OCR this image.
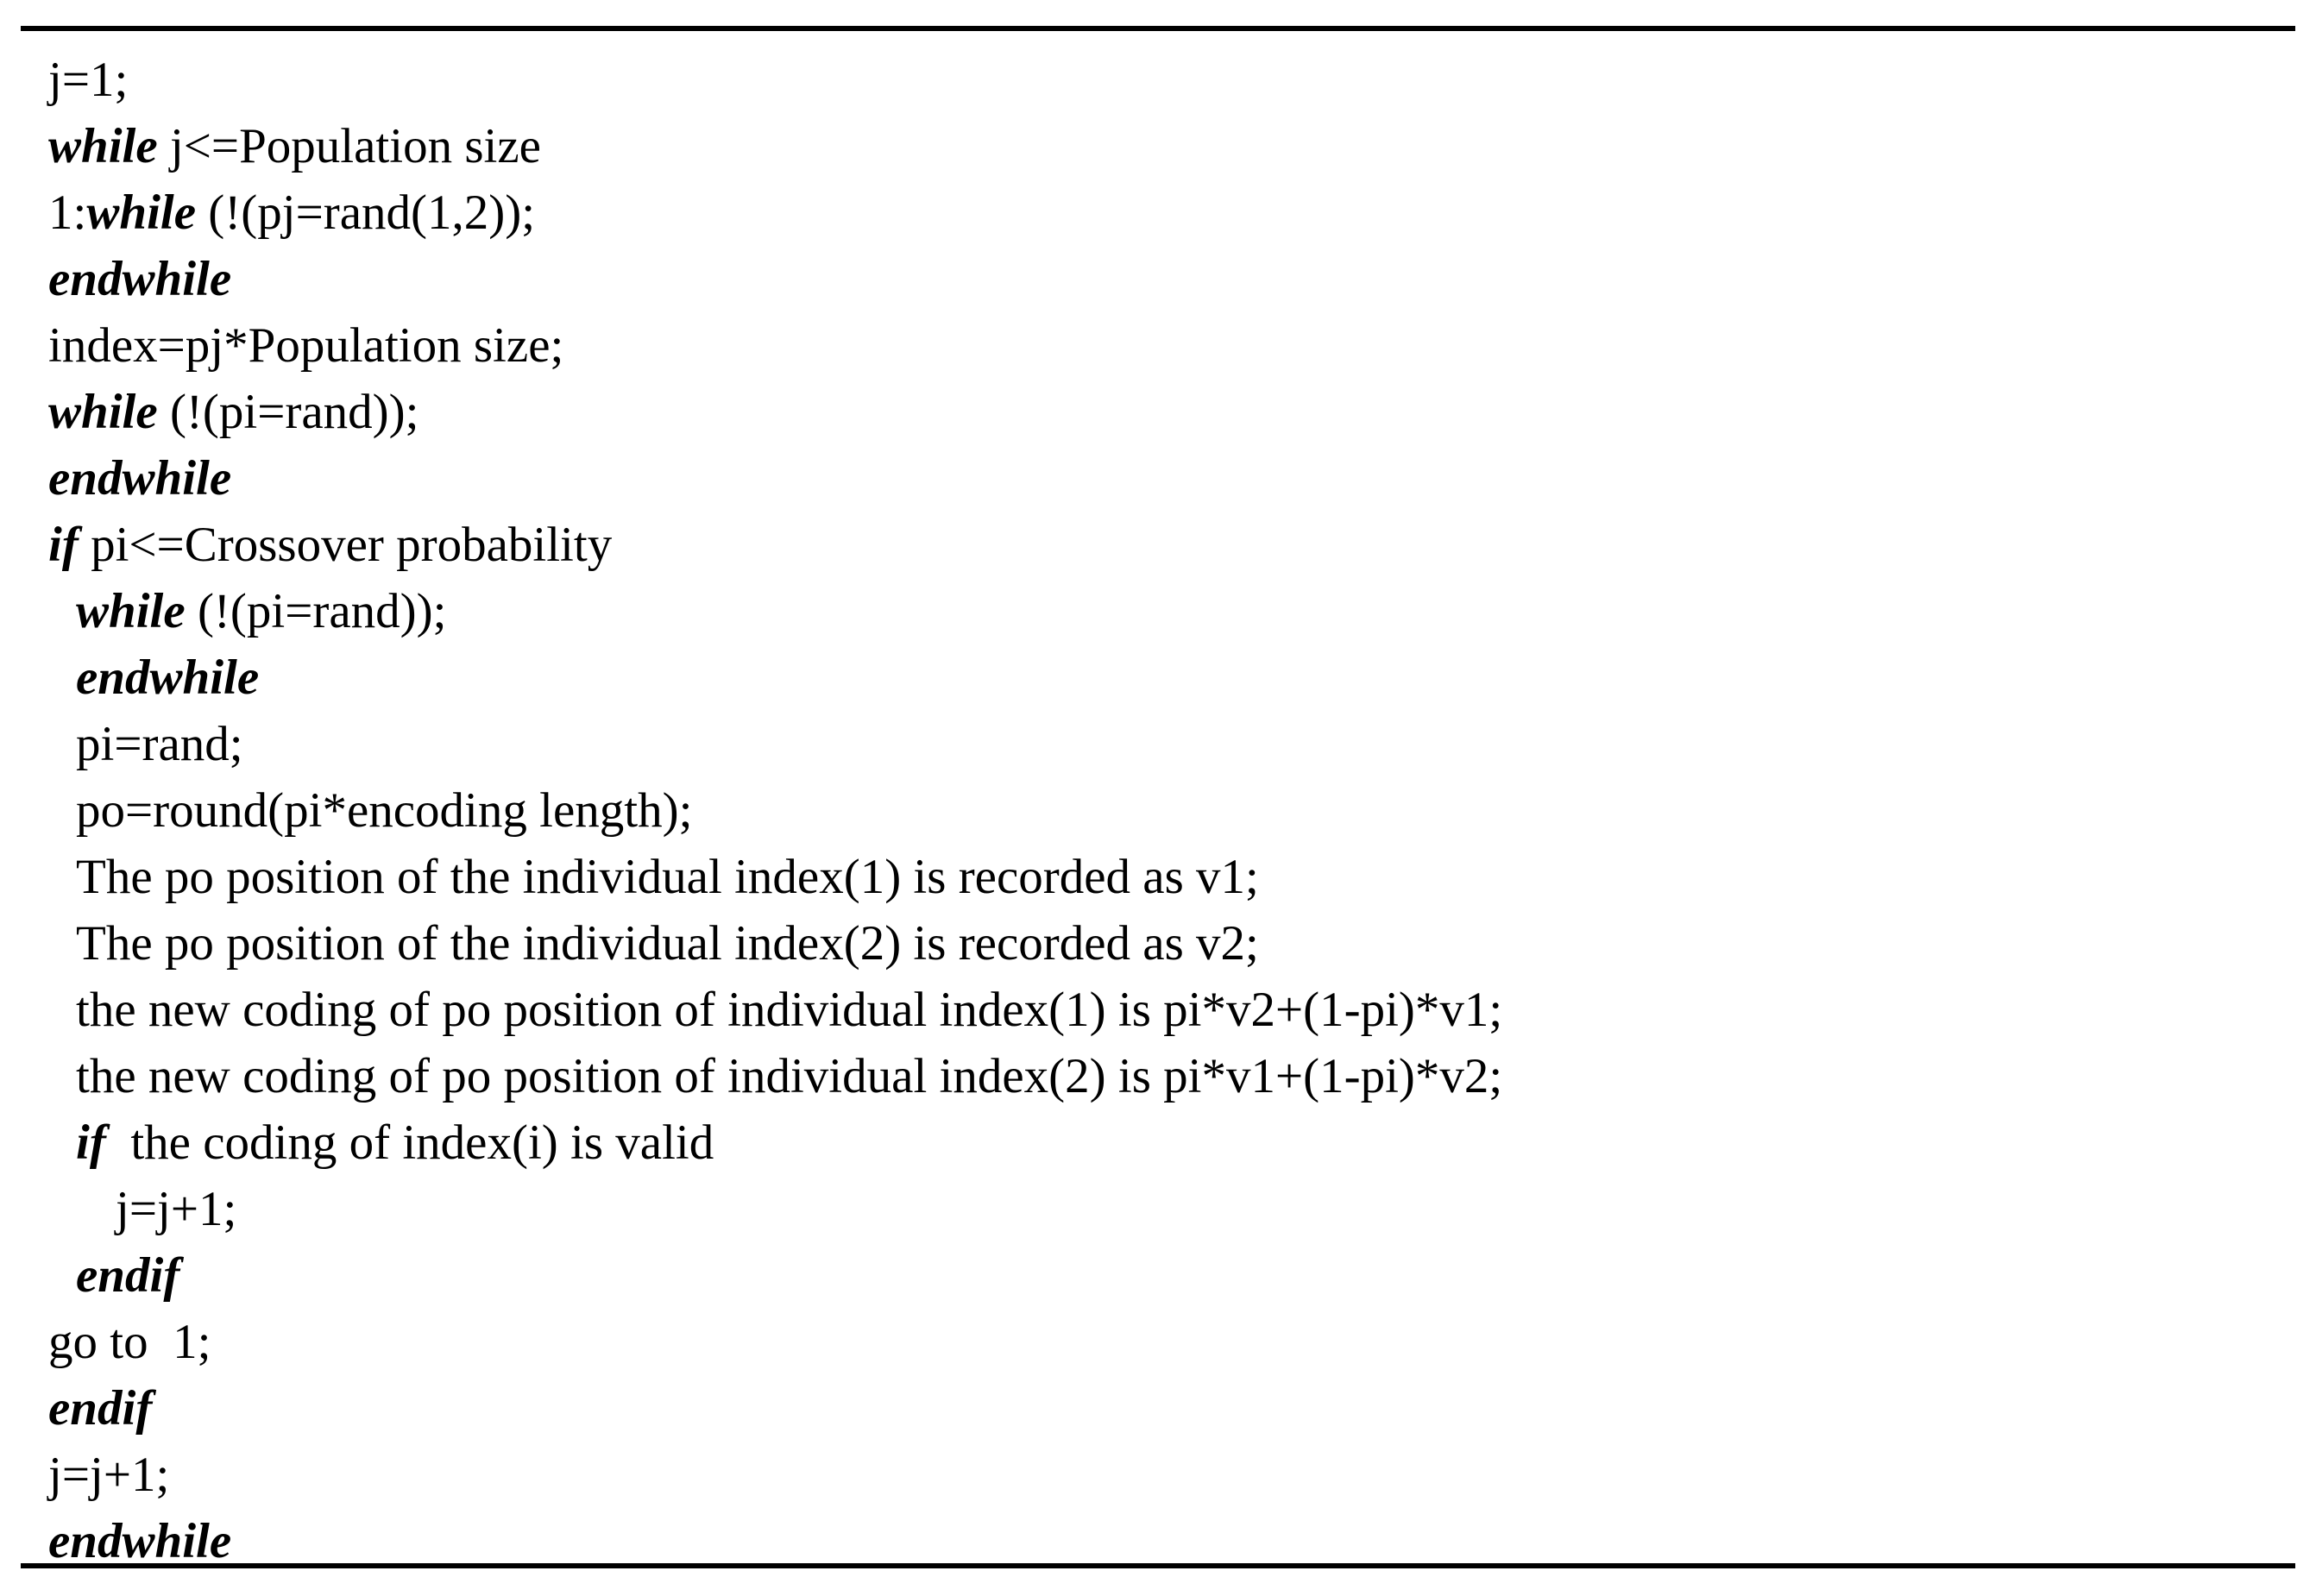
j=1;
while j<=Population size
1:while (!(pj=rand(1,2));
endwhile
index=pj*Population size;
while (!(pi=rand));
endwhile
if pi<=Crossover probability
while (!(pi=rand));
endwhile
pi=rand;
po=round(pi*encoding length);
The po position of the individual index(1) is recorded as v1;
The po position of the individual index(2) is recorded as v2;
the new coding of po position of individual index(1) is pi*v2+(1-pi)*v1;
the new coding of po position of individual index(2) is pi*v1+(1-pi)*v2;
if  the coding of index(i) is valid
j=j+1;
endif
go to  1;
endif
j=j+1;
endwhile
